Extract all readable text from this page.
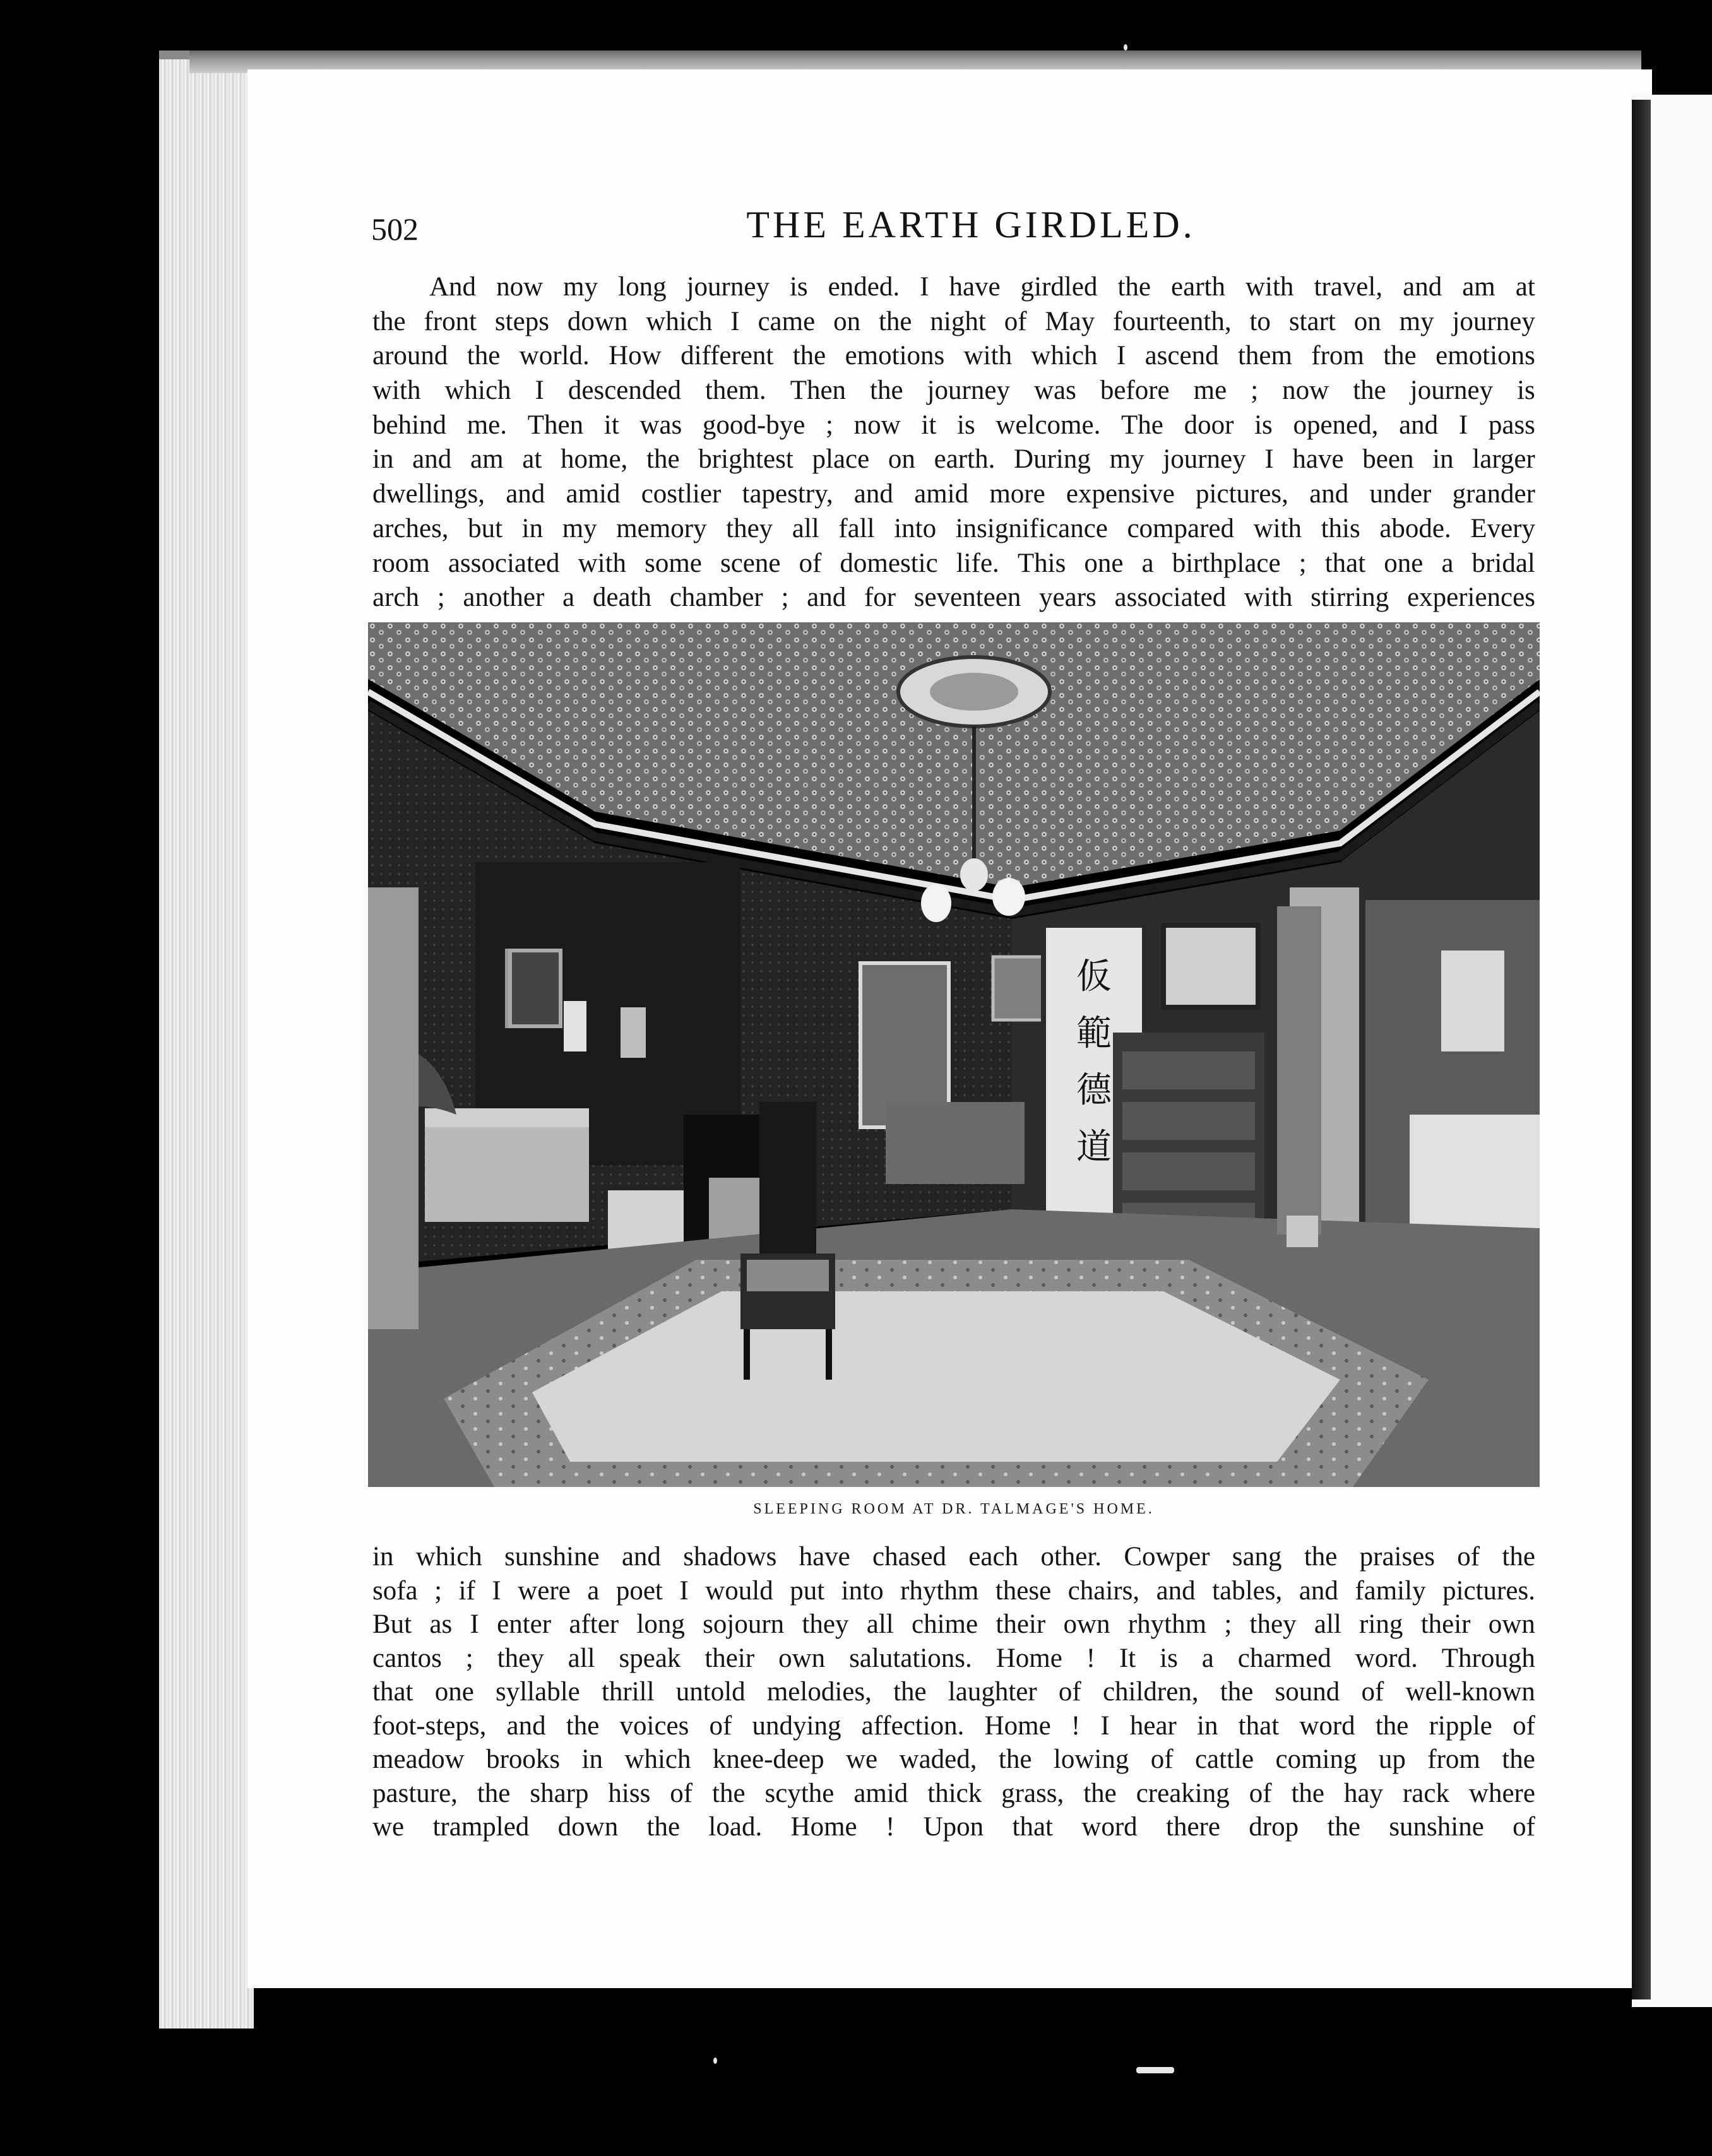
502	THE EARTH GIRDLED.
And now my long journey is ended. I have girdled the earth with travel, and am at
the front steps down which I came on the night of May fourteenth, to start on my journey
around the world. How different the emotions with which I ascend them from the emotions
with which I descended them. Then the journey was before me ; now the journey is
behind me. Then it was good-bye ; now it is welcome. The door is opened, and I pass
in and am at home, the brightest place on earth. During my journey I have been in larger
dwellings, and amid costlier tapestry, and amid more expensive pictures, and under grander
arches, but in my memory they all fall into insignificance compared with this abode. Every
room associated with some scene of domestic life. This one a birthplace ; that one a bridal
arch ; another a death chamber ; and for seventeen years associated with stirring experiences
仮
範
德
道
SLEEPING ROOM AT DR. TALMAGE'S HOME.
in which sunshine and shadows have chased each other. Cowper sang the praises of the
sofa ; if I were a poet I would put into rhythm these chairs, and tables, and family pictures.
But as I enter after long sojourn they all chime their own rhythm ; they all ring their own
cantos ; they all speak their own salutations. Home ! It is a charmed word. Through
that one syllable thrill untold melodies, the laughter of children, the sound of well-known
foot-steps, and the voices of undying affection. Home ! I hear in that word the ripple of
meadow brooks in which knee-deep we waded, the lowing of cattle coming up from the
pasture, the sharp hiss of the scythe amid thick grass, the creaking of the hay rack where
we trampled down the load. Home ! Upon that word there drop the sunshine of
